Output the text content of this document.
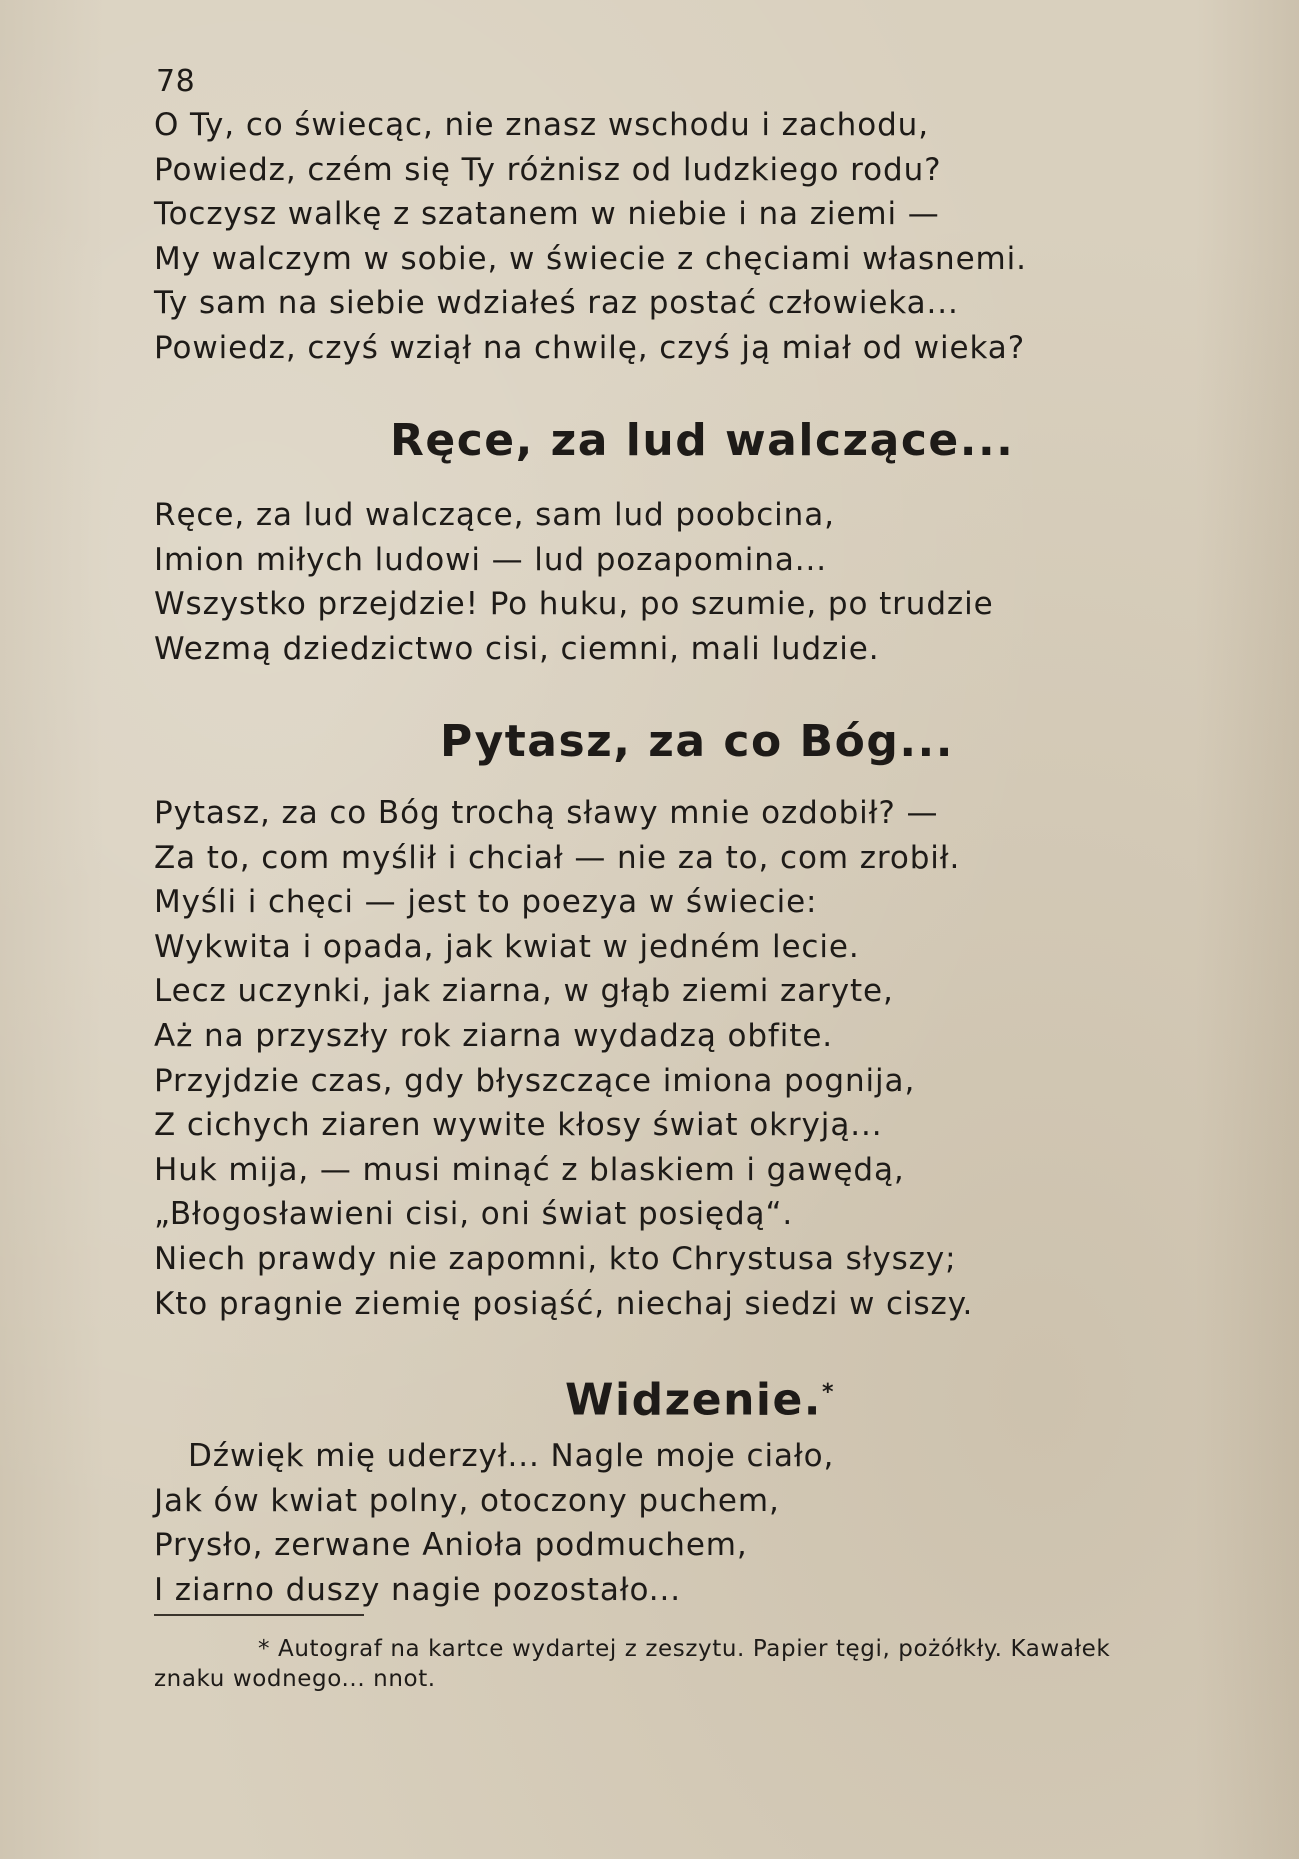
78
O Ty, co świecąc, nie znasz wschodu i zachodu,
Powiedz, czém się Ty różnisz od ludzkiego rodu?
Toczysz walkę z szatanem w niebie i na ziemi —
My walczym w sobie, w świecie z chęciami własnemi.
Ty sam na siebie wdziałeś raz postać człowieka...
Powiedz, czyś wziął na chwilę, czyś ją miał od wieka?
Ręce, za lud walczące...
Ręce, za lud walczące, sam lud poobcina,
Imion miłych ludowi — lud pozapomina...
Wszystko przejdzie! Po huku, po szumie, po trudzie
Wezmą dziedzictwo cisi, ciemni, mali ludzie.
Pytasz, za co Bóg...
Pytasz, za co Bóg trochą sławy mnie ozdobił? —
Za to, com myślił i chciał — nie za to, com zrobił.
Myśli i chęci — jest to poezya w świecie:
Wykwita i opada, jak kwiat w jedném lecie.
Lecz uczynki, jak ziarna, w głąb ziemi zaryte,
Aż na przyszły rok ziarna wydadzą obfite.
Przyjdzie czas, gdy błyszczące imiona pognija,
Z cichych ziaren wywite kłosy świat okryją...
Huk mija, — musi minąć z blaskiem i gawędą,
„Błogosławieni cisi, oni świat posiędą“.
Niech prawdy nie zapomni, kto Chrystusa słyszy;
Kto pragnie ziemię posiąść, niechaj siedzi w ciszy.
Widzenie.*
Dźwięk mię uderzył... Nagle moje ciało,
Jak ów kwiat polny, otoczony puchem,
Prysło, zerwane Anioła podmuchem,
I ziarno duszy nagie pozostało...
* Autograf na kartce wydartej z zeszytu. Papier tęgi, pożółkły. Kawałek
znaku wodnego... nnot.
